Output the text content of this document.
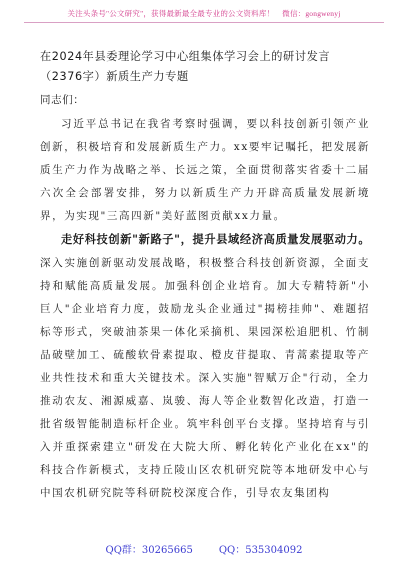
关注头条号"公文研究"，获得最新最全最专业的公文资料库！ 微信：gongwenyj
在2024年县委理论学习中心组集体学习会上的研讨发言（2376字）新质生产力专题
同志们：

习近平总书记在我省考察时强调，要以科技创新引领产业创新，积极培育和发展新质生产力。xx要牢记嘱托，把发展新质生产力作为战略之举、长远之策，全面贯彻落实省委十二届六次全会部署安排，努力以新质生产力开辟高质量发展新境界，为实现"三高四新"美好蓝图贡献xx力量。

走好科技创新"新路子"，提升县域经济高质量发展驱动力。深入实施创新驱动发展战略，积极整合科技创新资源，全面支持和赋能高质量发展。加强科创企业培育。加大专精特新"小巨人"企业培育力度，鼓励龙头企业通过"揭榜挂帅"、难题招标等形式，突破油茶果一体化采摘机、果园深松追肥机、竹制品破壁加工、硫酸软骨素提取、橙皮苷提取、青蒿素提取等产业共性技术和重大关键技术。深入实施"智赋万企"行动，全力推动农友、湘源威嘉、岚骏、海人等企业数智化改造，打造一批省级智能制造标杆企业。筑牢科创平台支撑。坚持培育与引入并重探索建立"研发在大院大所、孵化转化产业化在xx"的科技合作新模式，支持丘陵山区农机研究院等本地研发中心与中国农机研究院等科研院校深度合作，引导农友集团构

QQ群：30265665	QQ：535304092
